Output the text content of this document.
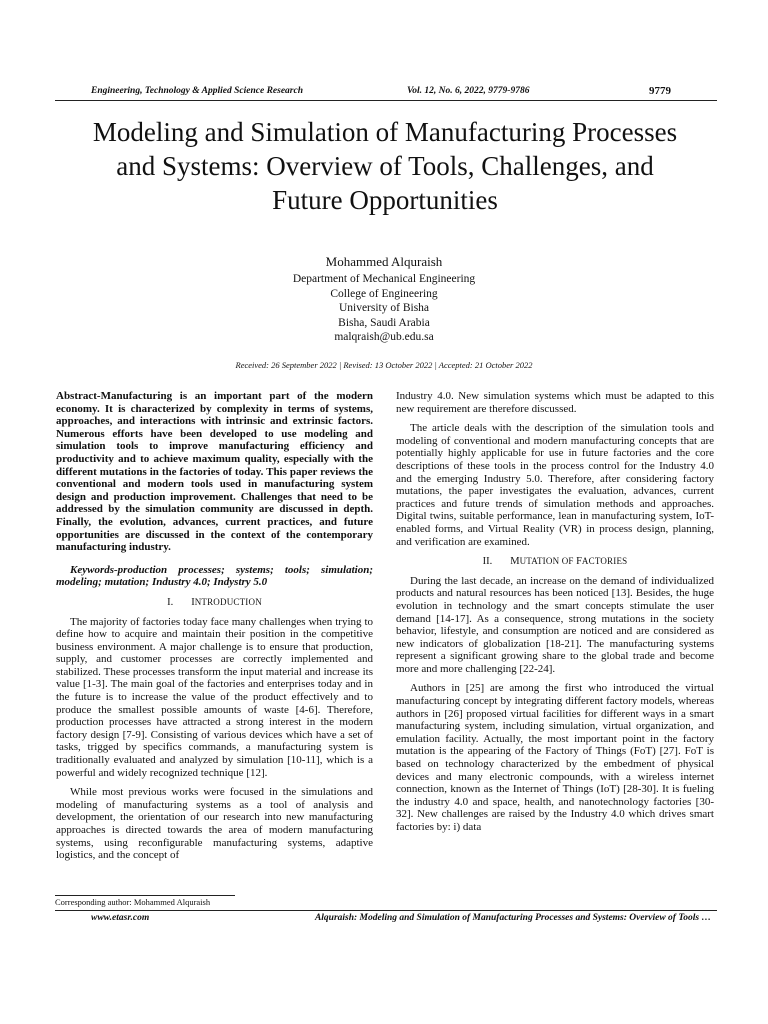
Engineering, Technology & Applied Science Research	Vol. 12, No. 6, 2022, 9779-9786	9779
Modeling and Simulation of Manufacturing Processes
and Systems: Overview of Tools, Challenges, and
Future Opportunities
Mohammed Alquraish
Department of Mechanical Engineering
College of Engineering
University of Bisha
Bisha, Saudi Arabia
malqraish@ub.edu.sa
Received: 26 September 2022 | Revised: 13 October 2022 | Accepted: 21 October 2022

Abstract-Manufacturing is an important part of the modern economy. It is characterized by complexity in terms of systems, approaches, and interactions with intrinsic and extrinsic factors. Numerous efforts have been developed to use modeling and simulation tools to improve manufacturing efficiency and productivity and to achieve maximum quality, especially with the different mutations in the factories of today. This paper reviews the conventional and modern tools used in manufacturing system design and production improvement. Challenges that need to be addressed by the simulation community are discussed in depth. Finally, the evolution, advances, current practices, and future opportunities are discussed in the context of the contemporary manufacturing industry.

Keywords-production processes; systems; tools; simulation; modeling; mutation; Industry 4.0; Indystry 5.0

I. INTRODUCTION

The majority of factories today face many challenges when trying to define how to acquire and maintain their position in the competitive business environment. A major challenge is to ensure that production, supply, and customer processes are correctly implemented and stabilized. These processes transform the input material and increase its value [1-3]. The main goal of the factories and enterprises today and in the future is to increase the value of the product effectively and to produce the smallest possible amounts of waste [4-6]. Therefore, production processes have attracted a strong interest in the modern factory design [7-9]. Consisting of various devices which have a set of tasks, trigged by specifics commands, a manufacturing system is traditionally evaluated and analyzed by simulation [10-11], which is a powerful and widely recognized technique [12].

While most previous works were focused in the simulations and modeling of manufacturing systems as a tool of analysis and development, the orientation of our research into new manufacturing approaches is directed towards the area of modern manufacturing systems, using reconfigurable manufacturing systems, adaptive logistics, and the concept of

Industry 4.0. New simulation systems which must be adapted to this new requirement are therefore discussed.

The article deals with the description of the simulation tools and modeling of conventional and modern manufacturing concepts that are potentially highly applicable for use in future factories and the core descriptions of these tools in the process control for the Industry 4.0 and the emerging Industry 5.0. Therefore, after considering factory mutations, the paper investigates the evaluation, advances, current practices and future trends of simulation methods and approaches. Digital twins, suitable performance, lean in manufacturing system, IoT-enabled forms, and Virtual Reality (VR) in process design, planning, and verification are examined.

II. MUTATION OF FACTORIES

During the last decade, an increase on the demand of individualized products and natural resources has been noticed [13]. Besides, the huge evolution in technology and the smart concepts stimulate the user demand [14-17]. As a consequence, strong mutations in the society behavior, lifestyle, and consumption are noticed and are considered as new indicators of globalization [18-21]. The manufacturing systems represent a significant growing share to the global trade and become more and more challenging [22-24].

Authors in [25] are among the first who introduced the virtual manufacturing concept by integrating different factory models, whereas authors in [26] proposed virtual facilities for different ways in a smart manufacturing system, including simulation, virtual organization, and emulation facility. Actually, the most important point in the factory mutation is the appearing of the Factory of Things (FoT) [27]. FoT is based on technology characterized by the embedment of physical devices and many electronic compounds, with a wireless internet connection, known as the Internet of Things (IoT) [28-30]. It is fueling the industry 4.0 and space, health, and nanotechnology factories [30-32]. New challenges are raised by the Industry 4.0 which drives smart factories by: i) data

Corresponding author: Mohammed Alquraish
www.etasr.com	Alquraish: Modeling and Simulation of Manufacturing Processes and Systems: Overview of Tools …
